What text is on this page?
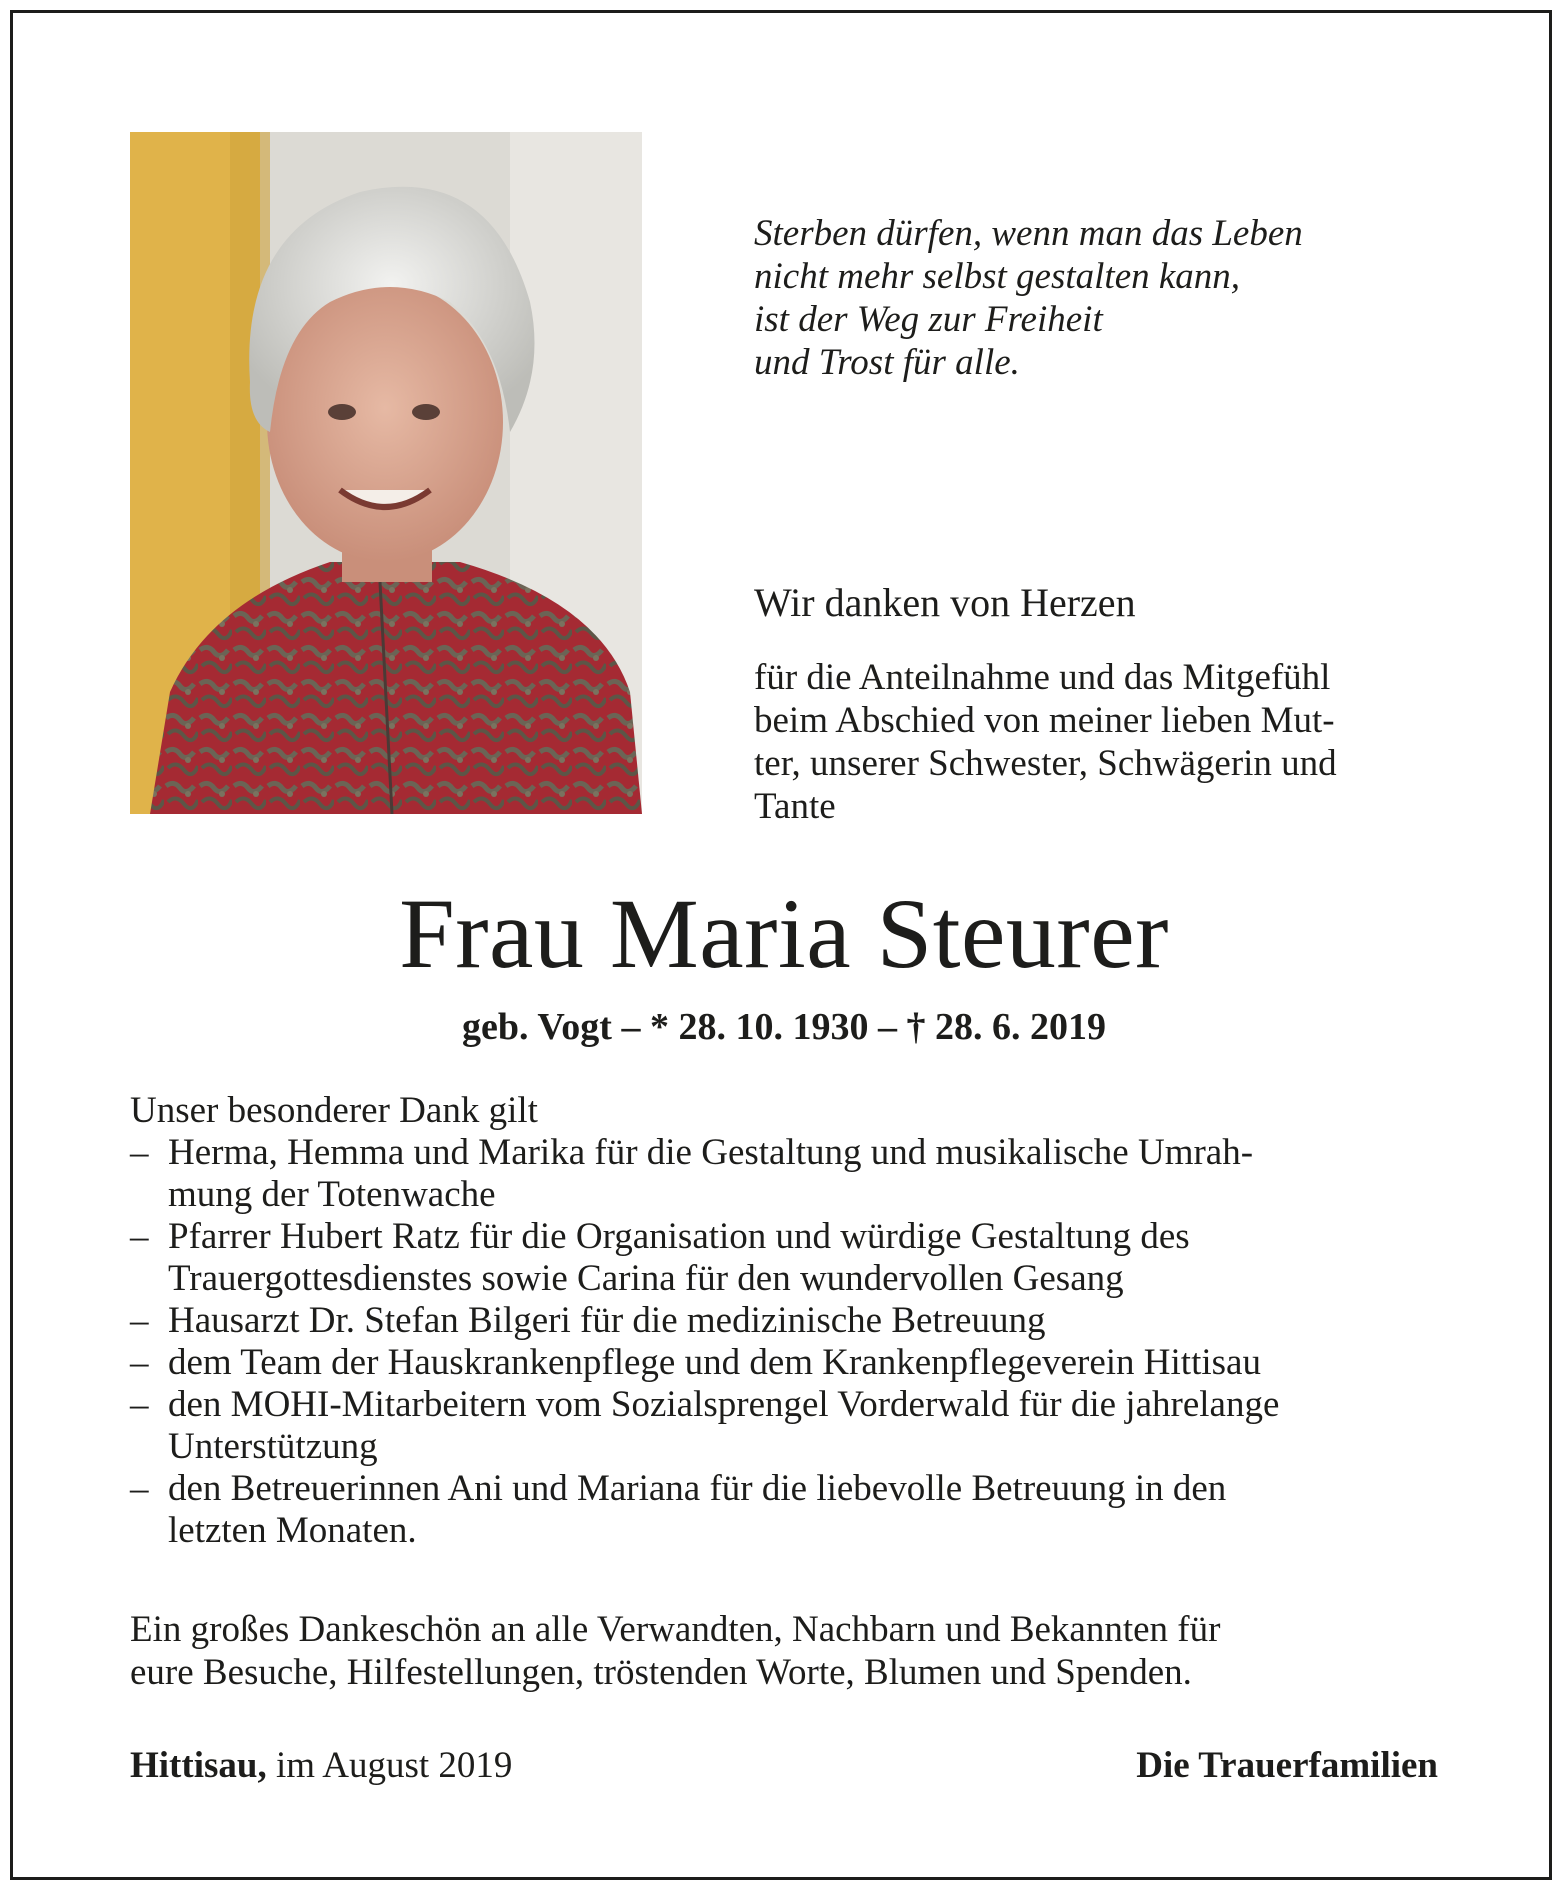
Sterben dürfen, wenn man das Leben
nicht mehr selbst gestalten kann,
ist der Weg zur Freiheit
und Trost für alle.
Wir danken von Herzen
für die Anteilnahme und das Mitgefühl
beim Abschied von meiner lieben Mut-
ter, unserer Schwester, Schwägerin und
Tante
Frau Maria Steurer
geb. Vogt – * 28. 10. 1930 – † 28. 6. 2019
Unser besonderer Dank gilt
– Herma, Hemma und Marika für die Gestaltung und musikalische Umrah-
mung der Totenwache
– Pfarrer Hubert Ratz für die Organisation und würdige Gestaltung des
Trauergottesdienstes sowie Carina für den wundervollen Gesang
– Hausarzt Dr. Stefan Bilgeri für die medizinische Betreuung
– dem Team der Hauskrankenpflege und dem Krankenpflegeverein Hittisau
– den MOHI-Mitarbeitern vom Sozialsprengel Vorderwald für die jahrelange
Unterstützung
– den Betreuerinnen Ani und Mariana für die liebevolle Betreuung in den
letzten Monaten.
Ein großes Dankeschön an alle Verwandten, Nachbarn und Bekannten für
eure Besuche, Hilfestellungen, tröstenden Worte, Blumen und Spenden.
Hittisau, im August 2019	Die Trauerfamilien
